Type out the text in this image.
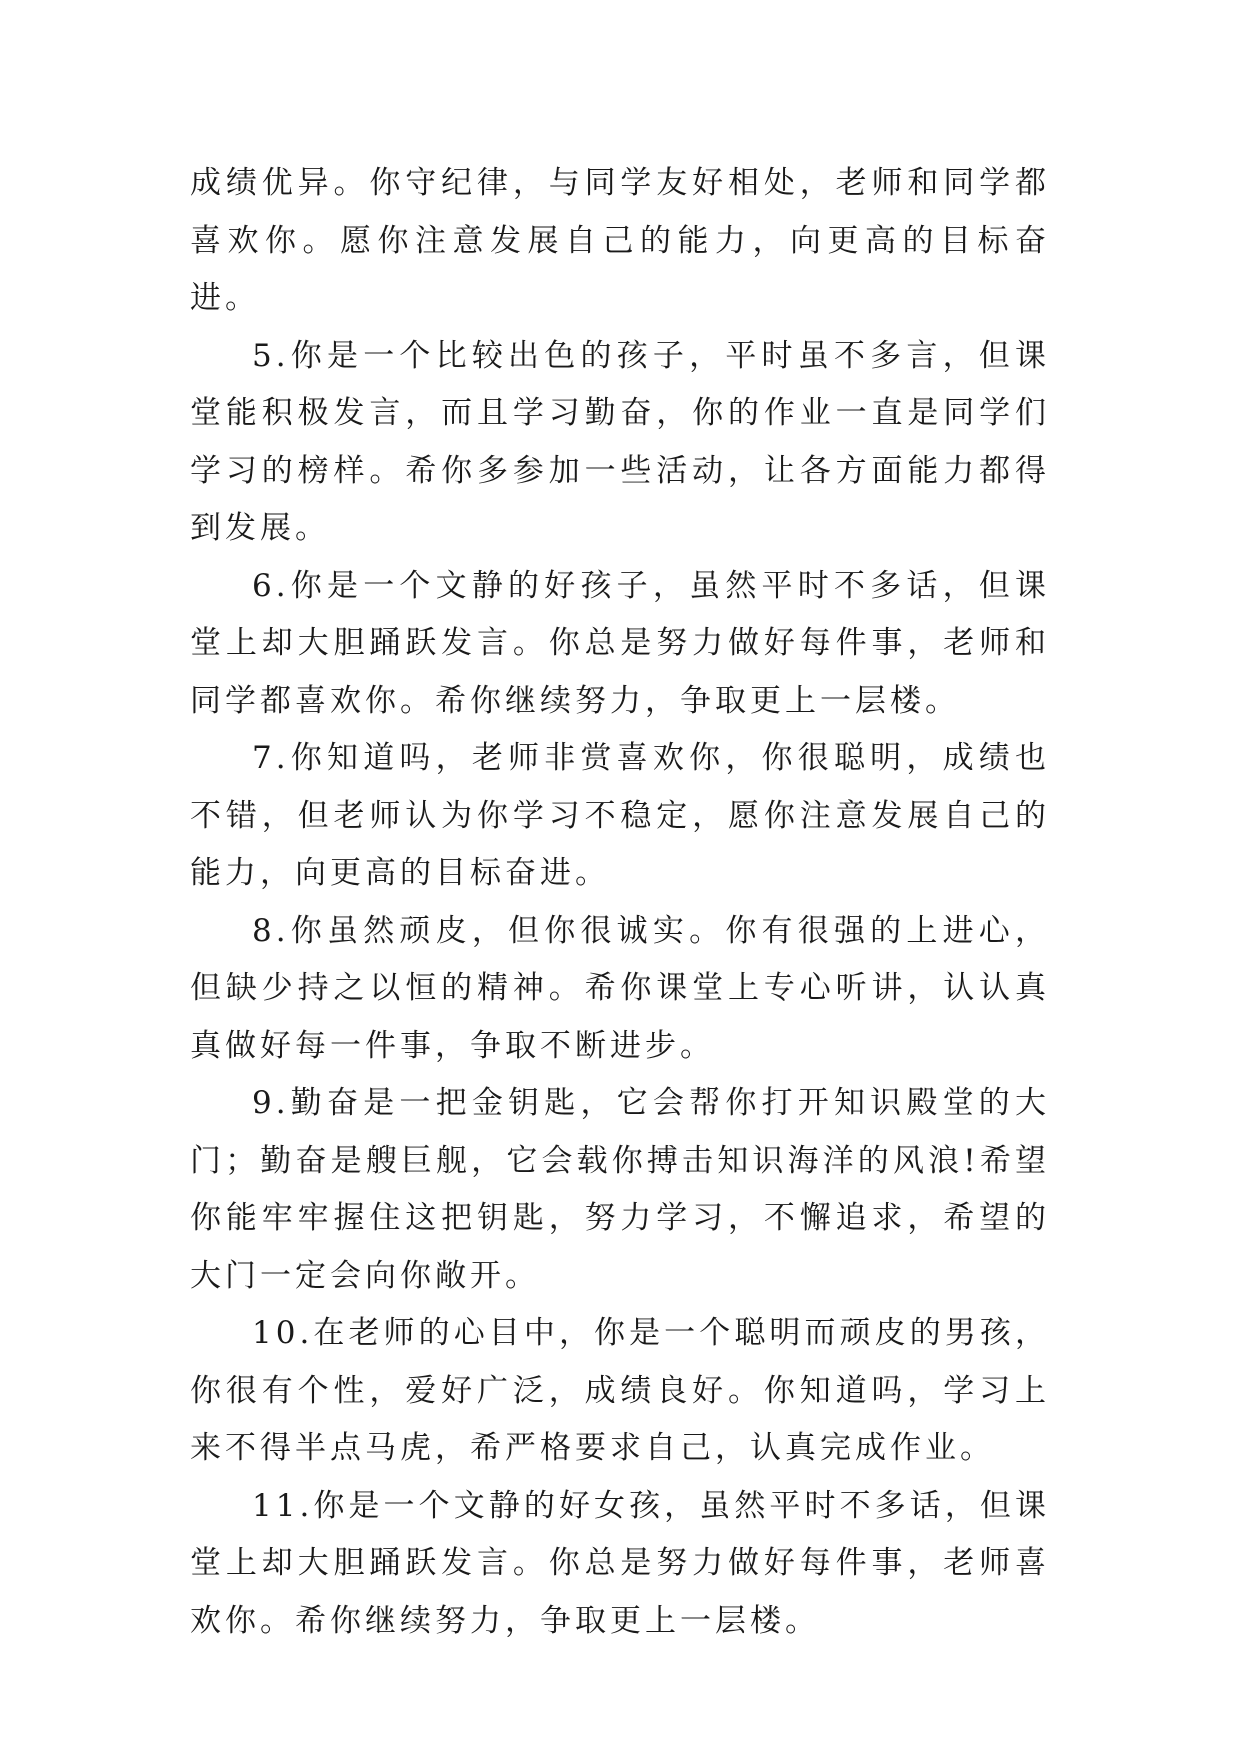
成绩优异。你守纪律，与同学友好相处，老师和同学都喜欢你。愿你注意发展自己的能力，向更高的目标奋进。

5.你是一个比较出色的孩子，平时虽不多言，但课堂能积极发言，而且学习勤奋，你的作业一直是同学们学习的榜样。希你多参加一些活动，让各方面能力都得到发展。

6.你是一个文静的好孩子，虽然平时不多话，但课堂上却大胆踊跃发言。你总是努力做好每件事，老师和同学都喜欢你。希你继续努力，争取更上一层楼。

7.你知道吗，老师非赏喜欢你，你很聪明，成绩也不错，但老师认为你学习不稳定，愿你注意发展自己的能力，向更高的目标奋进。

8.你虽然顽皮，但你很诚实。你有很强的上进心，但缺少持之以恒的精神。希你课堂上专心听讲，认认真真做好每一件事，争取不断进步。

9.勤奋是一把金钥匙，它会帮你打开知识殿堂的大门；勤奋是艘巨舰，它会载你搏击知识海洋的风浪!希望你能牢牢握住这把钥匙，努力学习，不懈追求，希望的大门一定会向你敞开。

10.在老师的心目中，你是一个聪明而顽皮的男孩，你很有个性，爱好广泛，成绩良好。你知道吗，学习上来不得半点马虎，希严格要求自己，认真完成作业。

11.你是一个文静的好女孩，虽然平时不多话，但课堂上却大胆踊跃发言。你总是努力做好每件事，老师喜欢你。希你继续努力，争取更上一层楼。
